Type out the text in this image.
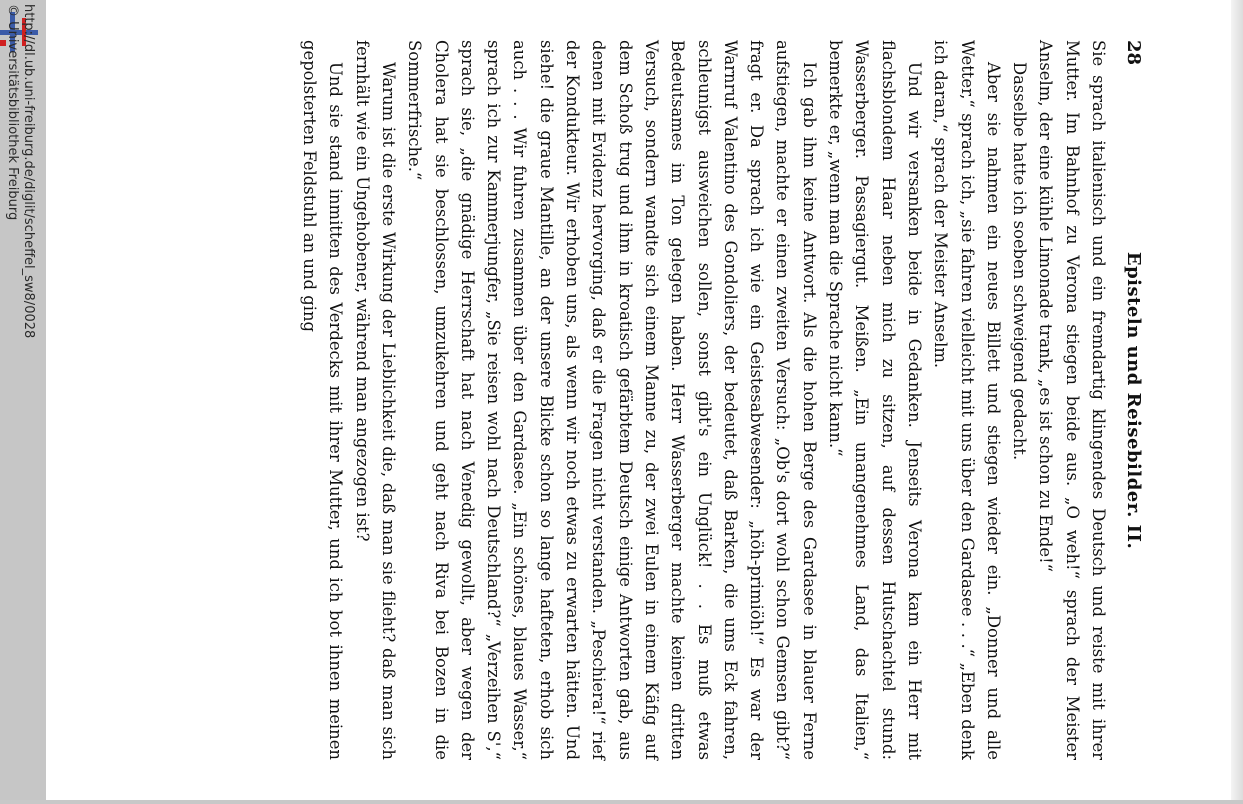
http://dl.ub.uni-freiburg.de/diglit/scheffel_sw8/0028
© Universitätsbibliothek Freiburg	28
Episteln und Reisebilder. II.

Sie sprach italienisch und ein fremdartig klingendes Deutsch und reiste mit ihrer Mutter. Im Bahnhof zu Verona stiegen beide aus. „O weh!“ sprach der Meister Anselm, der eine kühle Limonade trank, „es ist schon zu Ende!“

Dasselbe hatte ich soeben schweigend gedacht.

Aber sie nahmen ein neues Billett und stiegen wieder ein. „Donner und alle Wetter,“ sprach ich, „sie fahren vielleicht mit uns über den Gardasee . . .“ „Eben denk ich daran,“ sprach der Meister Anselm.

Und wir versanken beide in Gedanken. Jenseits Verona kam ein Herr mit flachsblondem Haar neben mich zu sitzen, auf dessen Hutschachtel stund: Wasserberger. Passagiergut. Meißen. „Ein unangenehmes Land, das Italien,“ bemerkte er, „wenn man die Sprache nicht kann.“

Ich gab ihm keine Antwort. Als die hohen Berge des Gardasee in blauer Ferne aufstiegen, machte er einen zweiten Versuch: „Ob's dort wohl schon Gemsen gibt?“ fragt er. Da sprach ich wie ein Geistesabwesender: „höh-primiöh!“ Es war der Warnruf Valentino des Gondoliers, der bedeutet, daß Barken, die ums Eck fahren, schleunigst ausweichen sollen, sonst gibt's ein Unglück! . . Es muß etwas Bedeutsames im Ton gelegen haben. Herr Wasserberger machte keinen dritten Versuch, sondern wandte sich einem Manne zu, der zwei Eulen in einem Käfig auf dem Schoß trug und ihm in kroatisch gefärbtem Deutsch einige Antworten gab, aus denen mit Evidenz hervorging, daß er die Fragen nicht verstanden. „Peschiera!“ rief der Kondukteur. Wir erhoben uns, als wenn wir noch etwas zu erwarten hätten. Und siehe! die graue Mantille, an der unsere Blicke schon so lange hafteten, erhob sich auch . . . Wir fuhren zusammen über den Gardasee. „Ein schönes, blaues Wasser,“ sprach ich zur Kammerjungfer, „Sie reisen wohl nach Deutschland?“ „Verzeihen S',“ sprach sie, „die gnädige Herrschaft hat nach Venedig gewollt, aber wegen der Cholera hat sie beschlossen, umzukehren und geht nach Riva bei Bozen in die Sommerfrische.“

Warum ist die erste Wirkung der Lieblichkeit die, daß man sie flieht? daß man sich fernhält wie ein Ungehobener, während man angezogen ist?

Und sie stand inmitten des Verdecks mit ihrer Mutter, und ich bot ihnen meinen gepolsterten Feldstuhl an und ging
